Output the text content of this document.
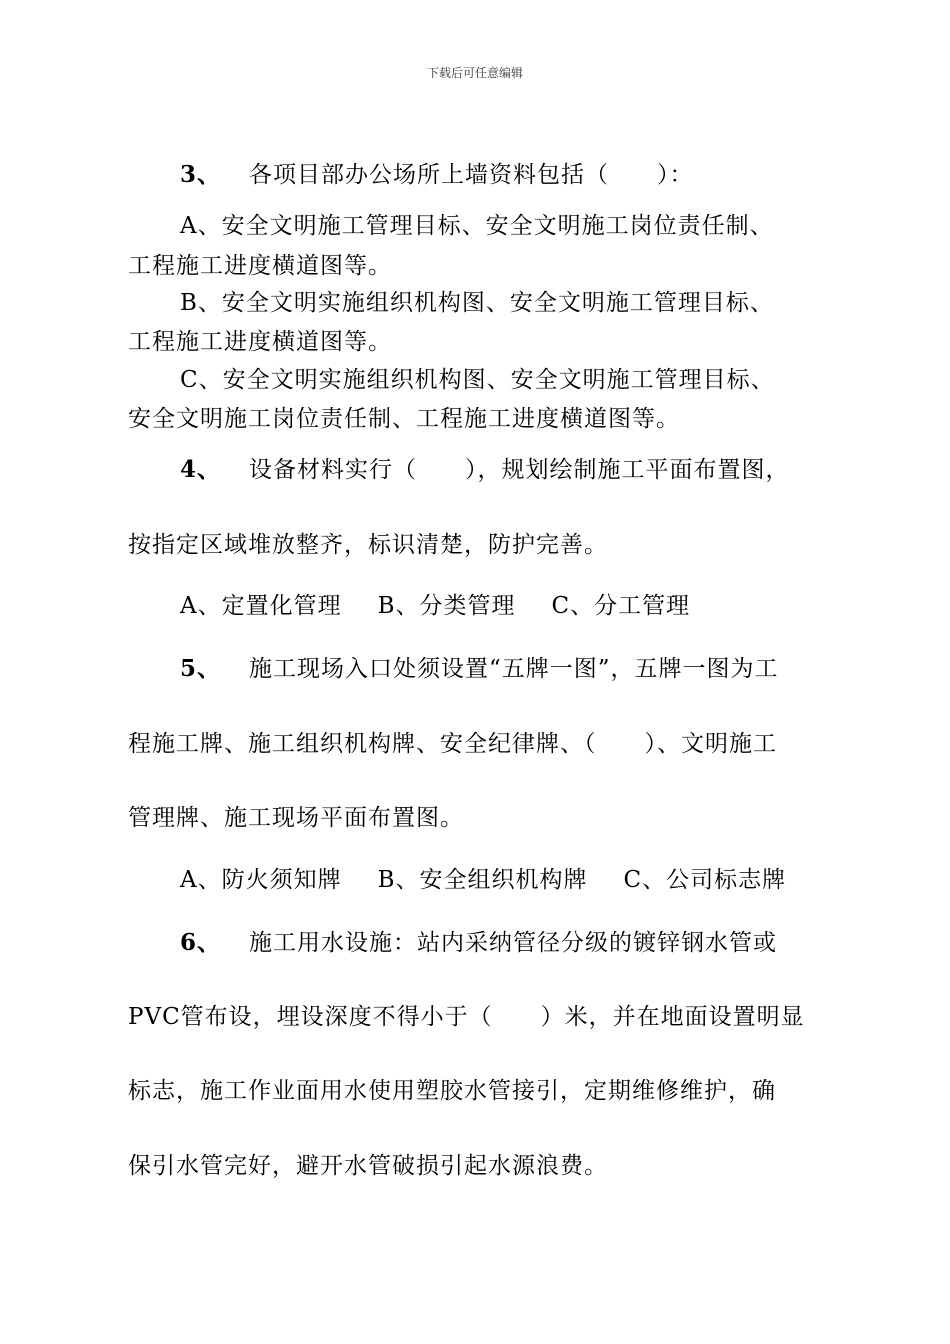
下载后可任意编辑
3、 各项目部办公场所上墙资料包括（　　）：
A、安全文明施工管理目标、安全文明施工岗位责任制、
工程施工进度横道图等。
B、安全文明实施组织机构图、安全文明施工管理目标、
工程施工进度横道图等。
C、安全文明实施组织机构图、安全文明施工管理目标、
安全文明施工岗位责任制、工程施工进度横道图等。
4、 设备材料实行（　　），规划绘制施工平面布置图，
按指定区域堆放整齐，标识清楚，防护完善。
A、定置化管理 B、分类管理 C、分工管理
5、 施工现场入口处须设置“五牌一图”，五牌一图为工
程施工牌、施工组织机构牌、安全纪律牌、（　　）、文明施工
管理牌、施工现场平面布置图。
A、防火须知牌 B、安全组织机构牌 C、公司标志牌
6、 施工用水设施：站内采纳管径分级的镀锌钢水管或
PVC管布设，埋设深度不得小于（　　）米，并在地面设置明显
标志，施工作业面用水使用塑胶水管接引，定期维修维护，确
保引水管完好，避开水管破损引起水源浪费。
